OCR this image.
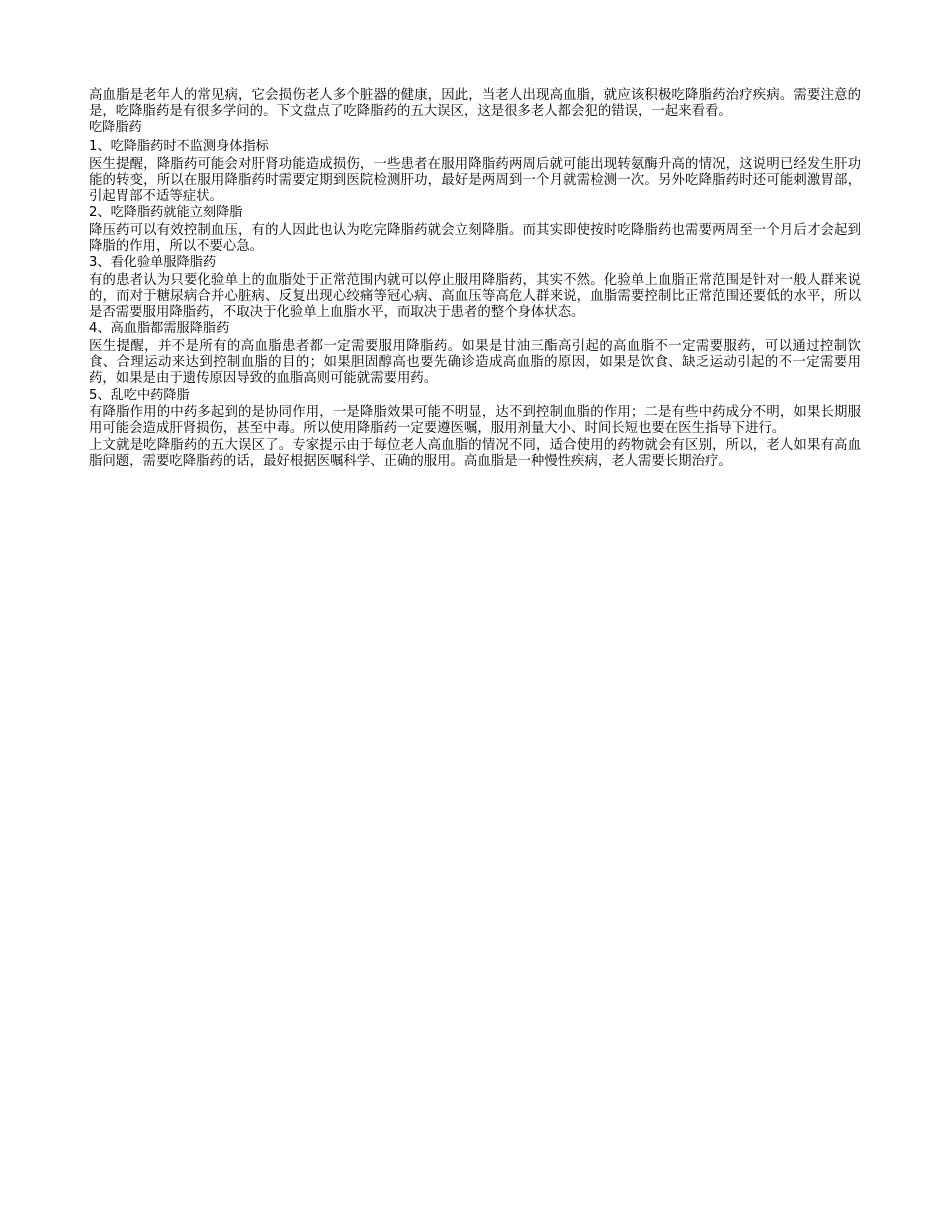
高血脂是老年人的常见病，它会损伤老人多个脏器的健康，因此，当老人出现高血脂，就应该积极吃降脂药治疗疾病。需要注意的是，吃降脂药是有很多学问的。下文盘点了吃降脂药的五大误区，这是很多老人都会犯的错误，一起来看看。

吃降脂药
1、吃降脂药时不监测身体指标

医生提醒，降脂药可能会对肝肾功能造成损伤，一些患者在服用降脂药两周后就可能出现转氨酶升高的情况，这说明已经发生肝功能的转变，所以在服用降脂药时需要定期到医院检测肝功，最好是两周到一个月就需检测一次。另外吃降脂药时还可能刺激胃部，引起胃部不适等症状。

2、吃降脂药就能立刻降脂

降压药可以有效控制血压，有的人因此也认为吃完降脂药就会立刻降脂。而其实即使按时吃降脂药也需要两周至一个月后才会起到降脂的作用，所以不要心急。

3、看化验单服降脂药

有的患者认为只要化验单上的血脂处于正常范围内就可以停止服用降脂药，其实不然。化验单上血脂正常范围是针对一般人群来说的，而对于糖尿病合并心脏病、反复出现心绞痛等冠心病、高血压等高危人群来说，血脂需要控制比正常范围还要低的水平，所以是否需要服用降脂药，不取决于化验单上血脂水平，而取决于患者的整个身体状态。

4、高血脂都需服降脂药

医生提醒，并不是所有的高血脂患者都一定需要服用降脂药。如果是甘油三酯高引起的高血脂不一定需要服药，可以通过控制饮食、合理运动来达到控制血脂的目的；如果胆固醇高也要先确诊造成高血脂的原因，如果是饮食、缺乏运动引起的不一定需要用药，如果是由于遗传原因导致的血脂高则可能就需要用药。

5、乱吃中药降脂

有降脂作用的中药多起到的是协同作用，一是降脂效果可能不明显，达不到控制血脂的作用；二是有些中药成分不明，如果长期服用可能会造成肝肾损伤，甚至中毒。所以使用降脂药一定要遵医嘱，服用剂量大小、时间长短也要在医生指导下进行。

上文就是吃降脂药的五大误区了。专家提示由于每位老人高血脂的情况不同，适合使用的药物就会有区别，所以，老人如果有高血脂问题，需要吃降脂药的话，最好根据医嘱科学、正确的服用。高血脂是一种慢性疾病，老人需要长期治疗。
